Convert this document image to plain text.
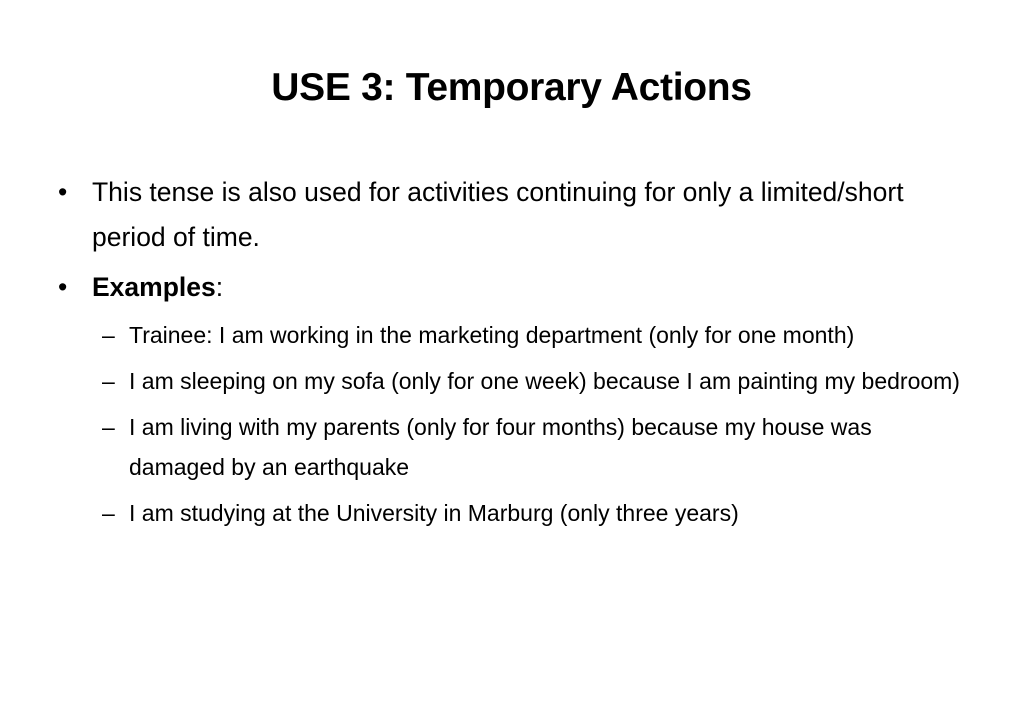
USE 3: Temporary Actions
• This tense is also used for activities continuing for only a limited/short period of time.
• Examples:
– Trainee: I am working in the marketing department (only for one month)
– I am sleeping on my sofa (only for one week) because I am painting my bedroom)
– I am living with my parents (only for four months) because my house was damaged by an earthquake
– I am studying at the University in Marburg (only three years)
